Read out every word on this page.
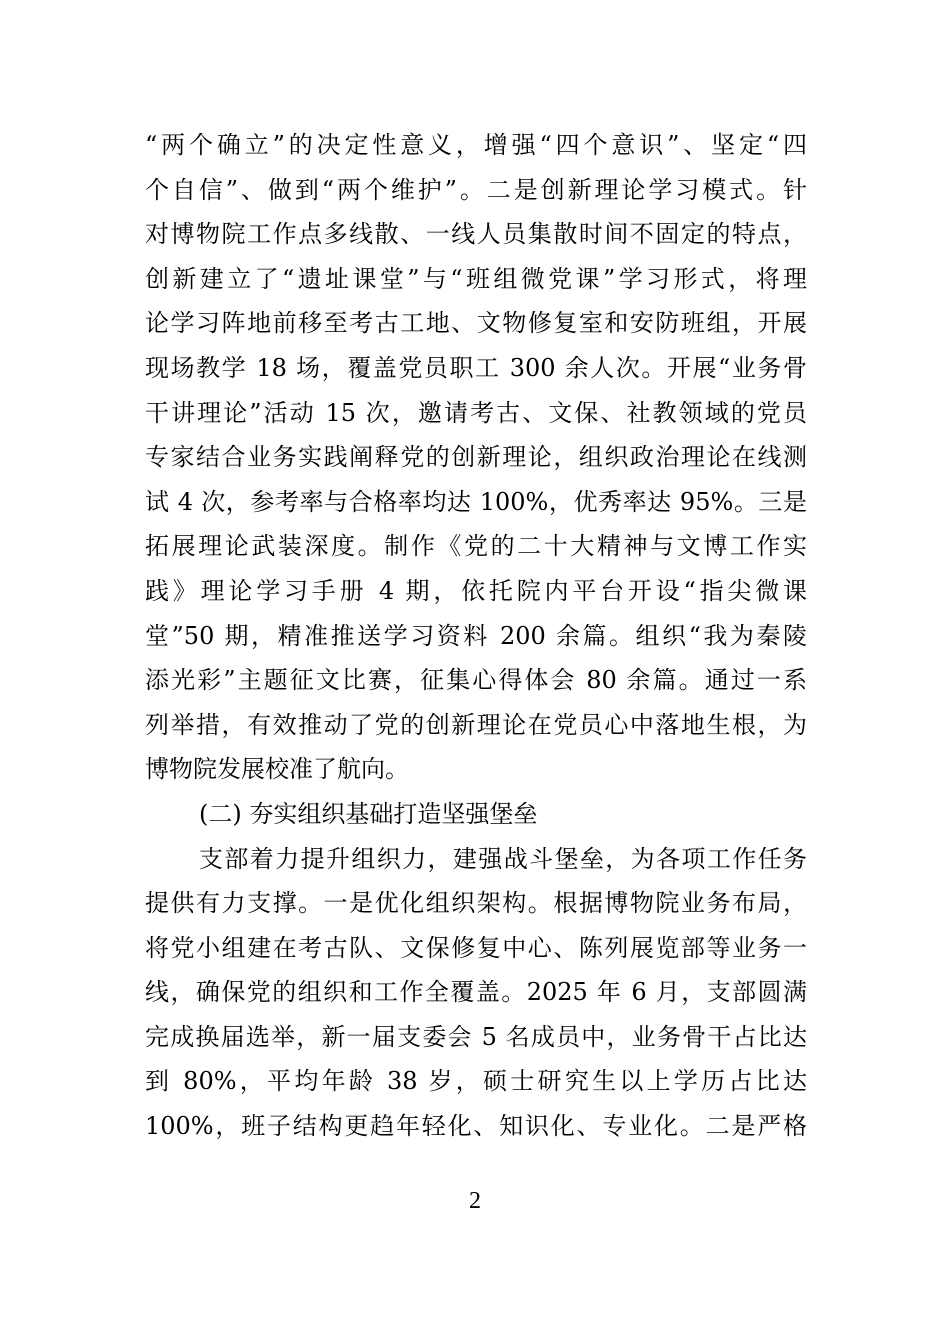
“两个确立”的决定性意义，增强“四个意识”、坚定“四
个自信”、做到“两个维护”。二是创新理论学习模式。针
对博物院工作点多线散、一线人员集散时间不固定的特点，
创新建立了“遗址课堂”与“班组微党课”学习形式，将理
论学习阵地前移至考古工地、文物修复室和安防班组，开展
现场教学 18 场，覆盖党员职工 300 余人次。开展“业务骨
干讲理论”活动 15 次，邀请考古、文保、社教领域的党员
专家结合业务实践阐释党的创新理论，组织政治理论在线测
试 4 次，参考率与合格率均达 100%，优秀率达 95%。三是
拓展理论武装深度。制作《党的二十大精神与文博工作实
践》理论学习手册 4 期，依托院内平台开设“指尖微课
堂”50 期，精准推送学习资料 200 余篇。组织“我为秦陵
添光彩”主题征文比赛，征集心得体会 80 余篇。通过一系
列举措，有效推动了党的创新理论在党员心中落地生根，为
博物院发展校准了航向。
(二) 夯实组织基础打造坚强堡垒
支部着力提升组织力，建强战斗堡垒，为各项工作任务
提供有力支撑。一是优化组织架构。根据博物院业务布局，
将党小组建在考古队、文保修复中心、陈列展览部等业务一
线，确保党的组织和工作全覆盖。2025 年 6 月，支部圆满
完成换届选举，新一届支委会 5 名成员中，业务骨干占比达
到 80%，平均年龄 38 岁，硕士研究生以上学历占比达
100%，班子结构更趋年轻化、知识化、专业化。二是严格
2
